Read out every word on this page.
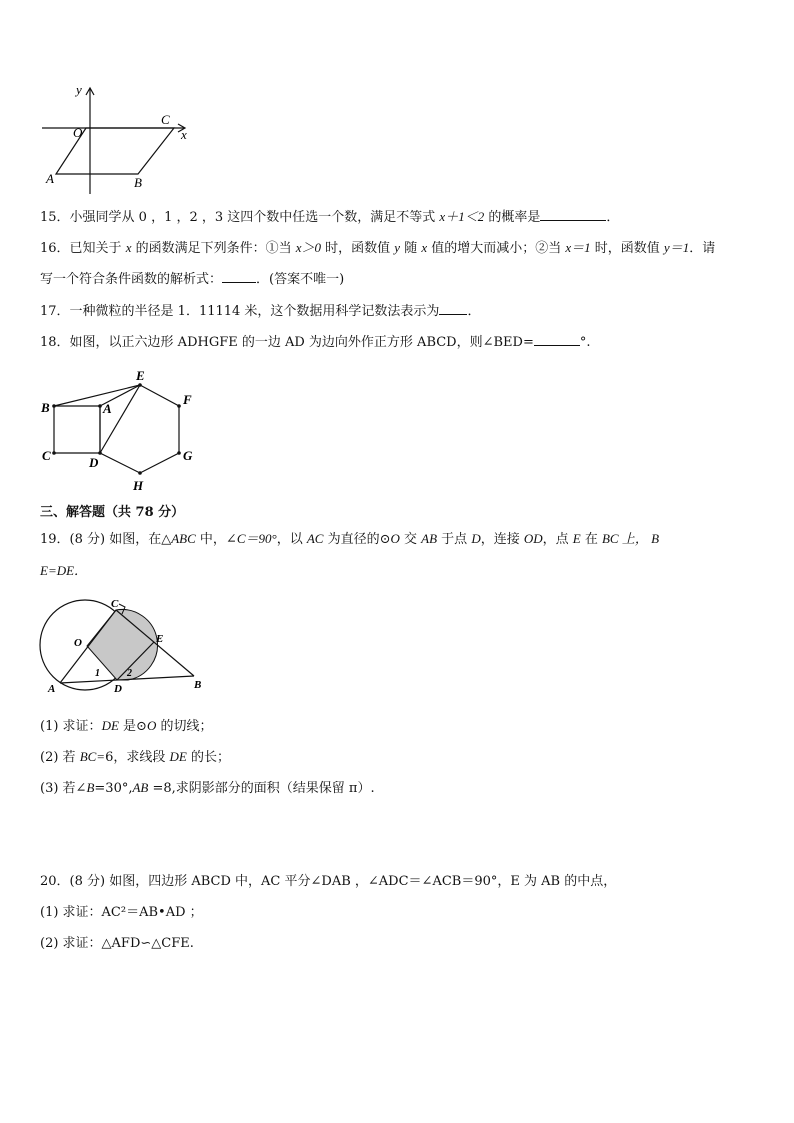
y
x
O
C
A	B
15．小强同学从 0 ，1 ，2 ，3 这四个数中任选一个数，满足不等式 x＋1＜2 的概率是	．
16．已知关于 x 的函数满足下列条件：①当 x＞0 时，函数值 y 随 x 值的增大而减小；②当 x＝1 时，函数值 y＝1．请
写一个符合条件函数的解析式：	．(答案不唯一)
17．一种微粒的半径是 1．11114 米，这个数据用科学记数法表示为 ．
18．如图，以正六边形 ADHGFE 的一边 AD 为边向外作正方形 ABCD，则∠BED=	°.
E
F
B	A
C	D	G
H
三、解答题（共 78 分）
19．(8 分) 如图，在△ABC 中，∠C＝90°，以 AC 为直径的⊙O 交 AB 于点 D，连接 OD，点 E 在 BC 上， B
E=DE．
C
O	E
A	D	B
1	2
(1) 求证：DE 是⊙O 的切线；
(2) 若 BC=6，求线段 DE 的长；
(3) 若∠B=30°,AB =8,求阴影部分的面积（结果保留 π）.
20．(8 分) 如图，四边形 ABCD 中，AC 平分∠DAB ，∠ADC＝∠ACB＝90°，E 为 AB 的中点，
(1) 求证：AC²＝AB•AD ；
(2) 求证：△AFD∽△CFE.
